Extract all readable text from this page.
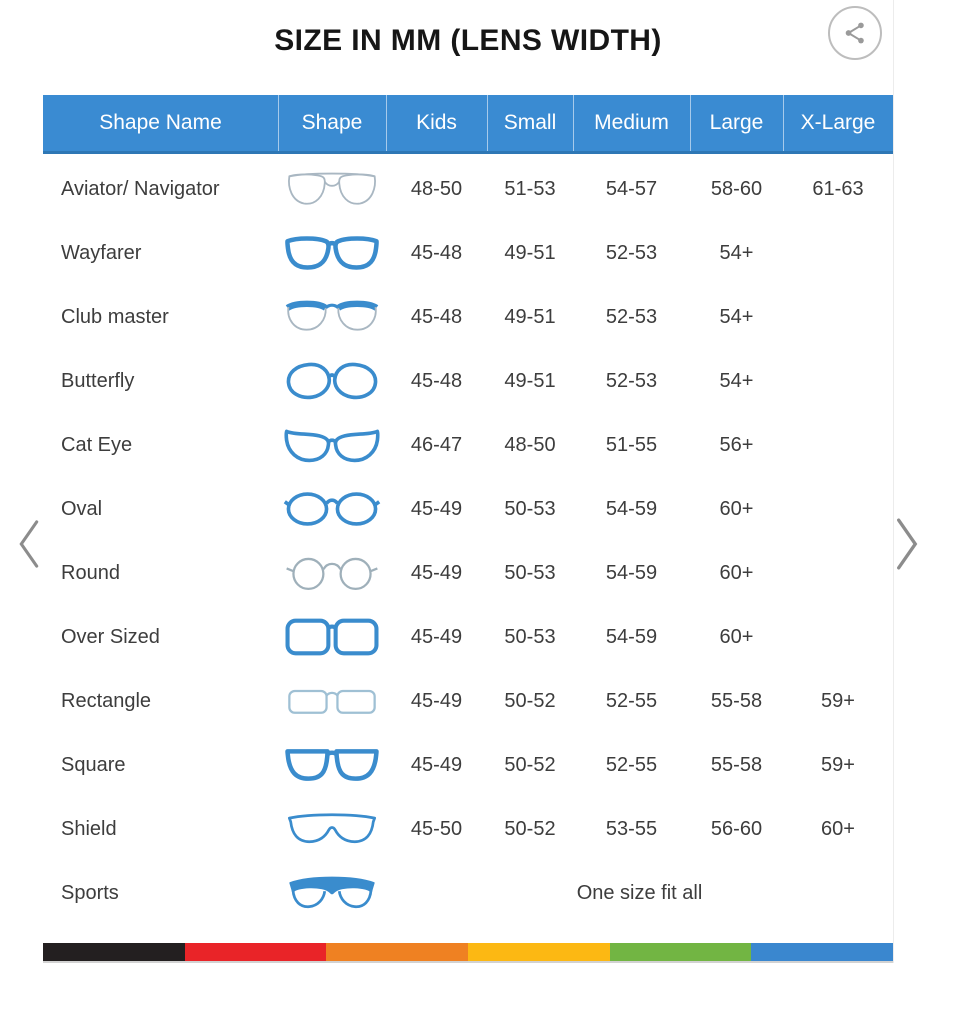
SIZE IN MM (LENS WIDTH)
Shape Name	Shape	Kids	Small	Medium	Large	X-Large
Aviator/ Navigator	48-50	51-53	54-57	58-60	61-63
Wayfarer	45-48	49-51	52-53	54+
Club master	45-48	49-51	52-53	54+
Butterfly	45-48	49-51	52-53	54+
Cat Eye	46-47	48-50	51-55	56+
Oval	45-49	50-53	54-59	60+
Round	45-49	50-53	54-59	60+
Over Sized	45-49	50-53	54-59	60+
Rectangle	45-49	50-52	52-55	55-58	59+
Square	45-49	50-52	52-55	55-58	59+
Shield	45-50	50-52	53-55	56-60	60+
Sports	One size fit all
